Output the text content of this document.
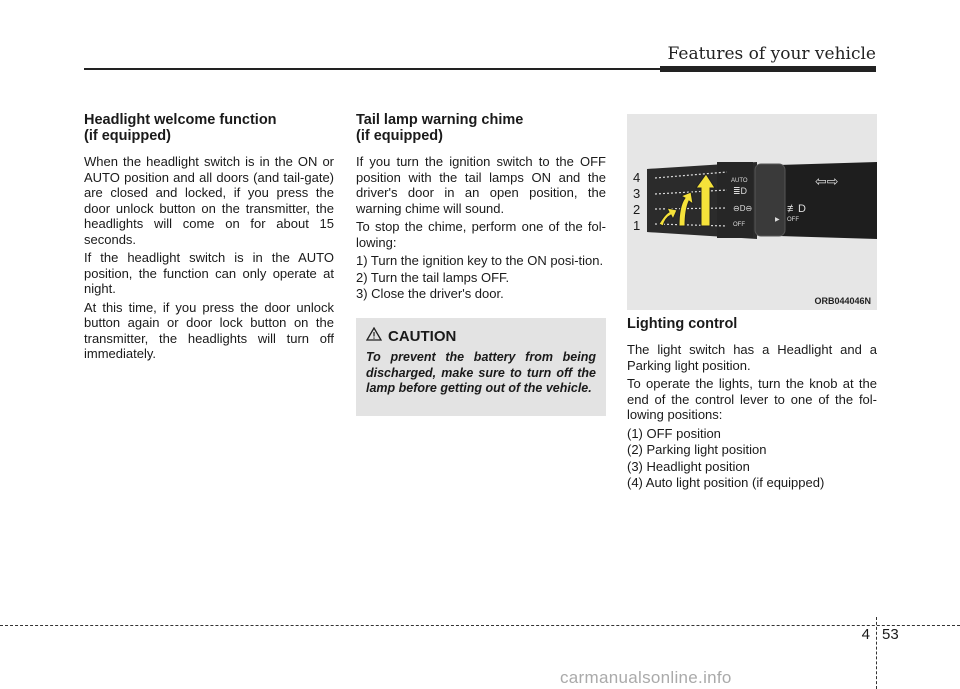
Features of your vehicle
Headlight welcome function
(if equipped)

When the headlight switch is in the ON or AUTO position and all doors (and tail-gate) are closed and locked, if you press the door unlock button on the transmitter, the headlights will come on for about 15 seconds.

If the headlight switch is in the AUTO position, the function can only operate at night.

At this time, if you press the door unlock button again or door lock button on the transmitter, the headlights will turn off immediately.

Tail lamp warning chime
(if equipped)

If you turn the ignition switch to the OFF position with the tail lamps ON and the driver's door in an open position, the warning chime will sound.

To stop the chime, perform one of the fol-lowing:

1) Turn the ignition key to the ON posi-tion.
2) Turn the tail lamps OFF.
3) Close the driver's door.
CAUTION
To prevent the battery from being discharged, make sure to turn off the lamp before getting out of the vehicle.
AUTO
≣D
⊖D⊖
OFF
≢D
⇦⇨
▶ OFF
4
3
2
1
ORB044046N
Lighting control

The light switch has a Headlight and a Parking light position.

To operate the lights, turn the knob at the end of the control lever to one of the fol-lowing positions:

(1) OFF position
(2) Parking light position
(3) Headlight position
(4) Auto light position (if equipped)
4 53
carmanualsonline.info
